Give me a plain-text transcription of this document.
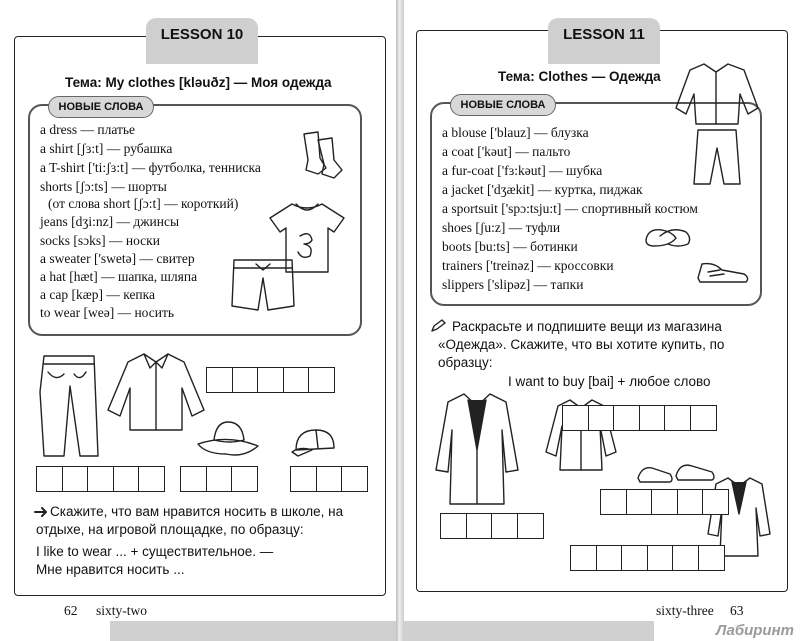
LESSON 10
Тема: My clothes [klǝuðz] — Моя одежда
НОВЫЕ СЛОВА
a dress — платье
a shirt [ʃɜ:t] — рубашка
a T-shirt ['ti:ʃɜ:t] — футболка, тенниска
shorts [ʃɔ:ts] — шорты
(от слова short [ʃɔ:t] — короткий)
jeans [dʒi:nz] — джинсы
socks [sɔks] — носки
a sweater ['swetǝ] — свитер
a hat [hæt] — шапка, шляпа
a cap [kæp] — кепка
to wear [weǝ] — носить
Скажите, что вам нравится носить в школе, на
отдыхе, на игровой площадке, по образцу:
I like to wear ... + существительное. —
Мне нравится носить ...
62 sixty-two
LESSON 11
Тема: Clothes — Одежда
НОВЫЕ СЛОВА
a blouse ['blauz] — блузка
a coat ['kǝut] — пальто
a fur-coat ['fɜ:kǝut] — шубка
a jacket ['dʒækit] — куртка, пиджак
a sportsuit ['spɔ:tsju:t] — спортивный костюм
shoes [ʃu:z] — туфли
boots [bu:ts] — ботинки
trainers ['treinǝz] — кроссовки
slippers ['slipǝz] — тапки
Раскрасьте и подпишите вещи из магазина
«Одежда». Скажите, что вы хотите купить, по
образцу:
I want to buy [bai] + любое слово
sixty-three 63
Лабиринт
